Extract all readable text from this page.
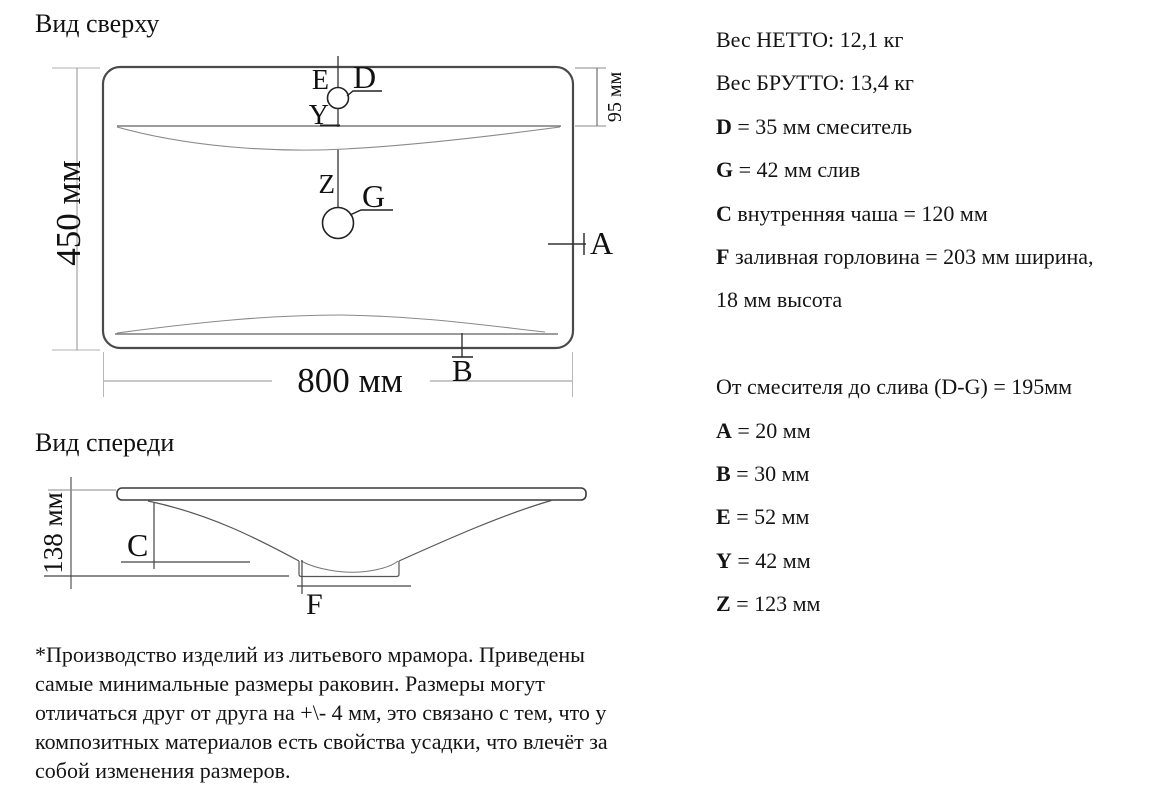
Вид сверху
450 мм
800 мм
95 мм
E D
Y
Z G
A
B
Вид спереди
138 мм C
F
Вес НЕТТО: 12,1 кг
Вес БРУТТО: 13,4 кг
D = 35 мм смеситель
G = 42 мм слив
C внутренняя чаша = 120 мм
F заливная горловина = 203 мм ширина,
18 мм высота
От смесителя до слива (D-G) = 195мм
A = 20 мм
B = 30 мм
E = 52 мм
Y = 42 мм
Z = 123 мм
*Производство изделий из литьевого мрамора. Приведены
самые минимальные размеры раковин. Размеры могут
отличаться друг от друга на +\- 4 мм, это связано с тем, что у
композитных материалов есть свойства усадки, что влечёт за
собой изменения размеров.
